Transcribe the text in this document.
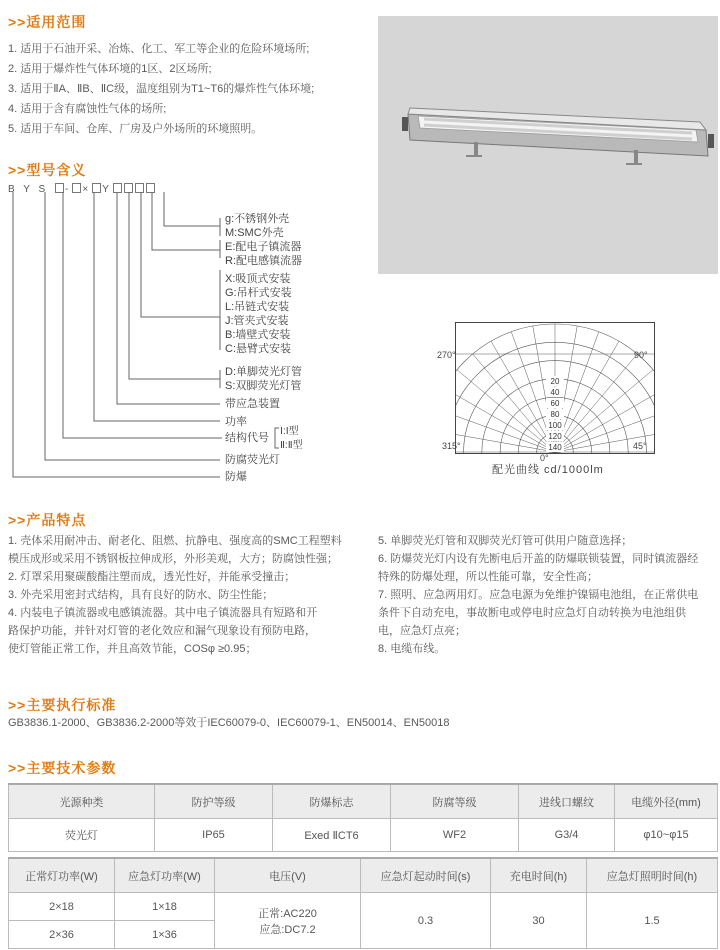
>>适用范围
1. 适用于石油开采、冶炼、化工、军工等企业的危险环境场所;
2. 适用于爆炸性气体环境的1区、2区场所;
3. 适用于ⅡA、ⅡB、ⅡC级，温度组别为T1~T6的爆炸性气体环境;
4. 适用于含有腐蚀性气体的场所;
5. 适用于车间、仓库、厂房及户外场所的环境照明。
>>型号含义
B Y S - × Y
g:不锈钢外壳
M:SMC外壳
E:配电子镇流器
R:配电感镇流器
X:吸顶式安装
G:吊杆式安装
L:吊链式安装
J:管夹式安装
B:墙壁式安装
C:悬臂式安装
D:单脚荧光灯管
S:双脚荧光灯管
带应急装置
功率
结构代号
Ⅰ:Ⅰ型
Ⅱ:Ⅱ型
防腐荧光灯
防爆
20
40
60
80
100
120
140
270°	90°
315°	45°
0°
配光曲线 cd/1000lm
>>产品特点
1. 壳体采用耐冲击、耐老化、阻燃、抗静电、强度高的SMC工程塑料
模压成形或采用不锈钢板拉伸成形，外形美观，大方；防腐蚀性强；
2. 灯罩采用聚碳酸酯注塑而成，透光性好，并能承受撞击；
3. 外壳采用密封式结构，具有良好的防水、防尘性能；
4. 内装电子镇流器或电感镇流器。其中电子镇流器具有短路和开
路保护功能，并针对灯管的老化效应和漏气现象设有预防电路，
使灯管能正常工作，并且高效节能，COSφ ≥0.95；
5. 单脚荧光灯管和双脚荧光灯管可供用户随意选择；
6. 防爆荧光灯内设有先断电后开盖的防爆联锁装置，同时镇流器经
特殊的防爆处理，所以性能可靠，安全性高；
7. 照明、应急两用灯。应急电源为免维护镍镉电池组，在正常供电
条件下自动充电，事故断电或停电时应急灯自动转换为电池组供
电，应急灯点亮；
8. 电缆布线。
>>主要执行标准
GB3836.1-2000、GB3836.2-2000等效于IEC60079-0、IEC60079-1、EN50014、EN50018
>>主要技术参数
光源种类	防护等级	防爆标志	防腐等级	进线口螺纹	电缆外径(mm)
荧光灯	IP65	Exed ⅡCT6	WF2	G3/4	φ10~φ15
正常灯功率(W)	应急灯功率(W)	电压(V)	应急灯起动时间(s)	充电时间(h)	应急灯照明时间(h)
2×18	1×18	正常:AC220
应急:DC7.2	0.3	30	1.5
2×36	1×36				
